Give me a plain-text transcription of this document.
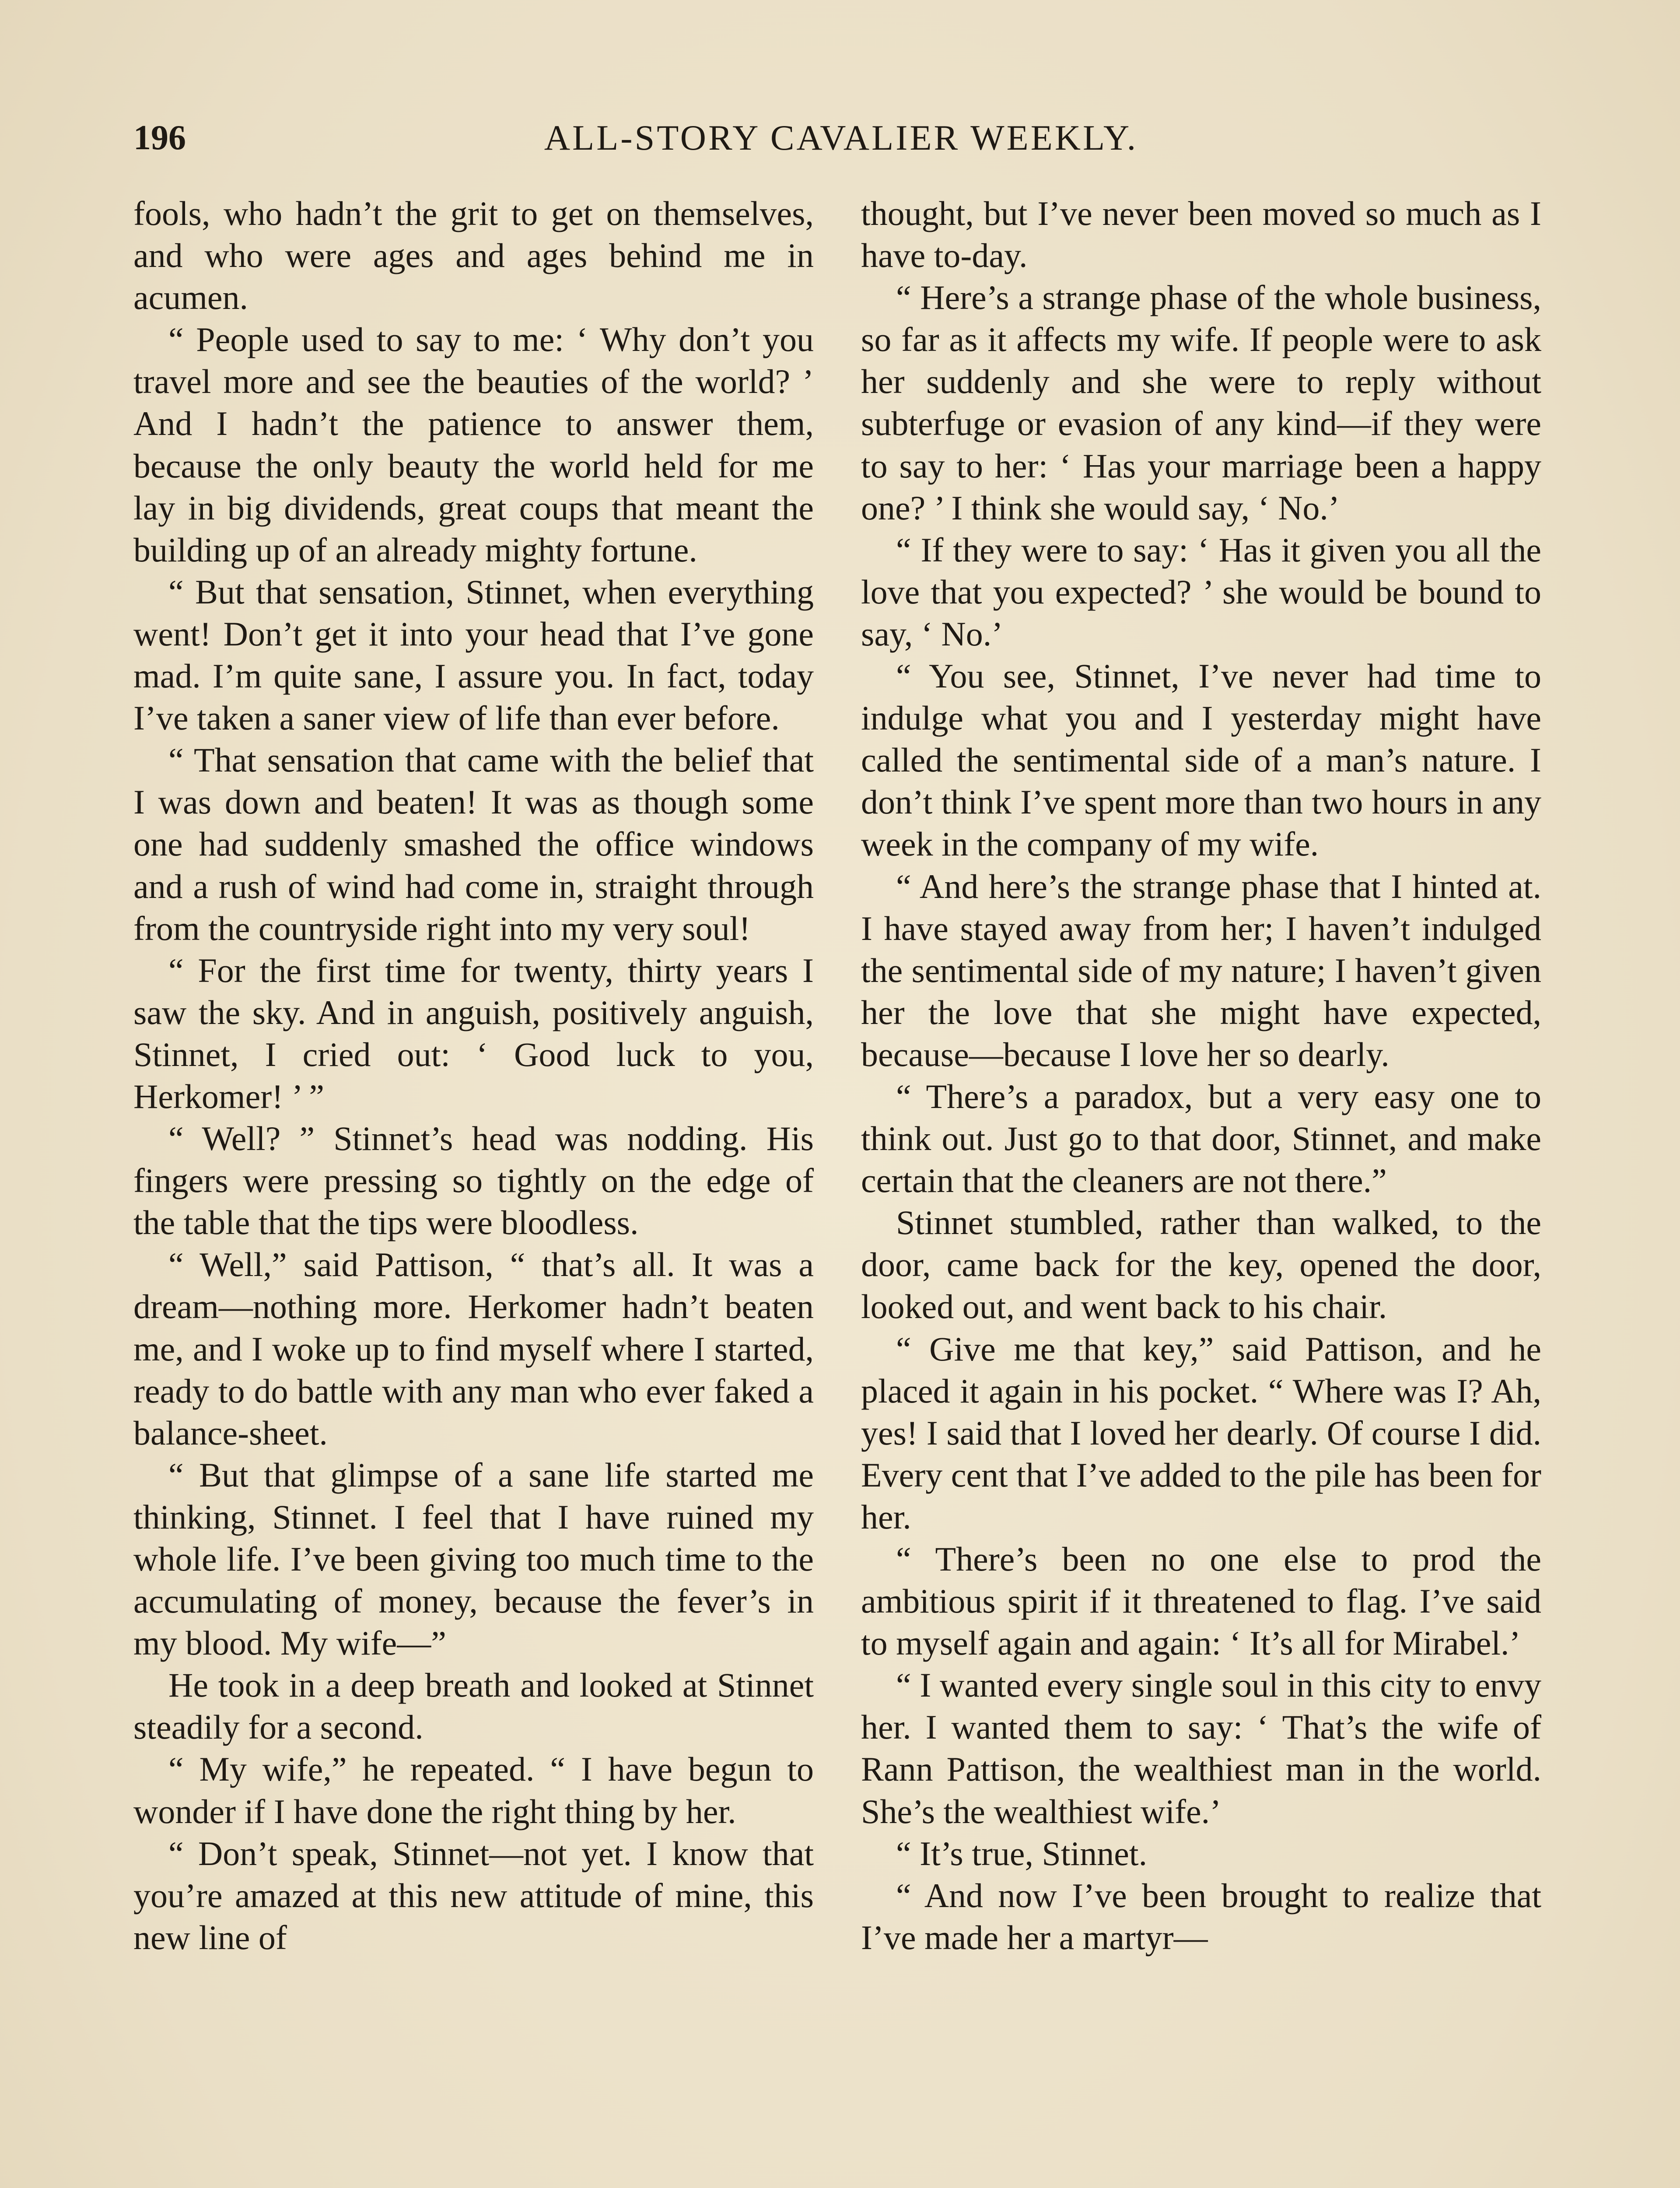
196	ALL-STORY CAVALIER WEEKLY.

fools, who hadn’t the grit to get on themselves, and who were ages and ages behind me in acumen.

“ People used to say to me: ‘ Why don’t you travel more and see the beauties of the world? ’ And I hadn’t the patience to answer them, because the only beauty the world held for me lay in big dividends, great coups that meant the building up of an already mighty fortune.

“ But that sensation, Stinnet, when everything went! Don’t get it into your head that I’ve gone mad. I’m quite sane, I assure you. In fact, today I’ve taken a saner view of life than ever before.

“ That sensation that came with the belief that I was down and beaten! It was as though some one had suddenly smashed the office windows and a rush of wind had come in, straight through from the countryside right into my very soul!

“ For the first time for twenty, thirty years I saw the sky. And in anguish, positively anguish, Stinnet, I cried out: ‘ Good luck to you, Herkomer! ’ ”

“ Well? ” Stinnet’s head was nodding. His fingers were pressing so tightly on the edge of the table that the tips were bloodless.

“ Well,” said Pattison, “ that’s all. It was a dream—nothing more. Herkomer hadn’t beaten me, and I woke up to find myself where I started, ready to do battle with any man who ever faked a balance-sheet.

“ But that glimpse of a sane life started me thinking, Stinnet. I feel that I have ruined my whole life. I’ve been giving too much time to the accumulating of money, because the fever’s in my blood. My wife—”

He took in a deep breath and looked at Stinnet steadily for a second.

“ My wife,” he repeated. “ I have begun to wonder if I have done the right thing by her.

“ Don’t speak, Stinnet—not yet. I know that you’re amazed at this new attitude of mine, this new line of

thought, but I’ve never been moved so much as I have to-day.

“ Here’s a strange phase of the whole business, so far as it affects my wife. If people were to ask her suddenly and she were to reply without subterfuge or evasion of any kind—if they were to say to her: ‘ Has your marriage been a happy one? ’ I think she would say, ‘ No.’

“ If they were to say: ‘ Has it given you all the love that you expected? ’ she would be bound to say, ‘ No.’

“ You see, Stinnet, I’ve never had time to indulge what you and I yesterday might have called the sentimental side of a man’s nature. I don’t think I’ve spent more than two hours in any week in the company of my wife.

“ And here’s the strange phase that I hinted at. I have stayed away from her; I haven’t indulged the sentimental side of my nature; I haven’t given her the love that she might have expected, because—because I love her so dearly.

“ There’s a paradox, but a very easy one to think out. Just go to that door, Stinnet, and make certain that the cleaners are not there.”

Stinnet stumbled, rather than walked, to the door, came back for the key, opened the door, looked out, and went back to his chair.

“ Give me that key,” said Pattison, and he placed it again in his pocket. “ Where was I? Ah, yes! I said that I loved her dearly. Of course I did. Every cent that I’ve added to the pile has been for her.

“ There’s been no one else to prod the ambitious spirit if it threatened to flag. I’ve said to myself again and again: ‘ It’s all for Mirabel.’

“ I wanted every single soul in this city to envy her. I wanted them to say: ‘ That’s the wife of Rann Pattison, the wealthiest man in the world. She’s the wealthiest wife.’

“ It’s true, Stinnet.

“ And now I’ve been brought to realize that I’ve made her a martyr—
